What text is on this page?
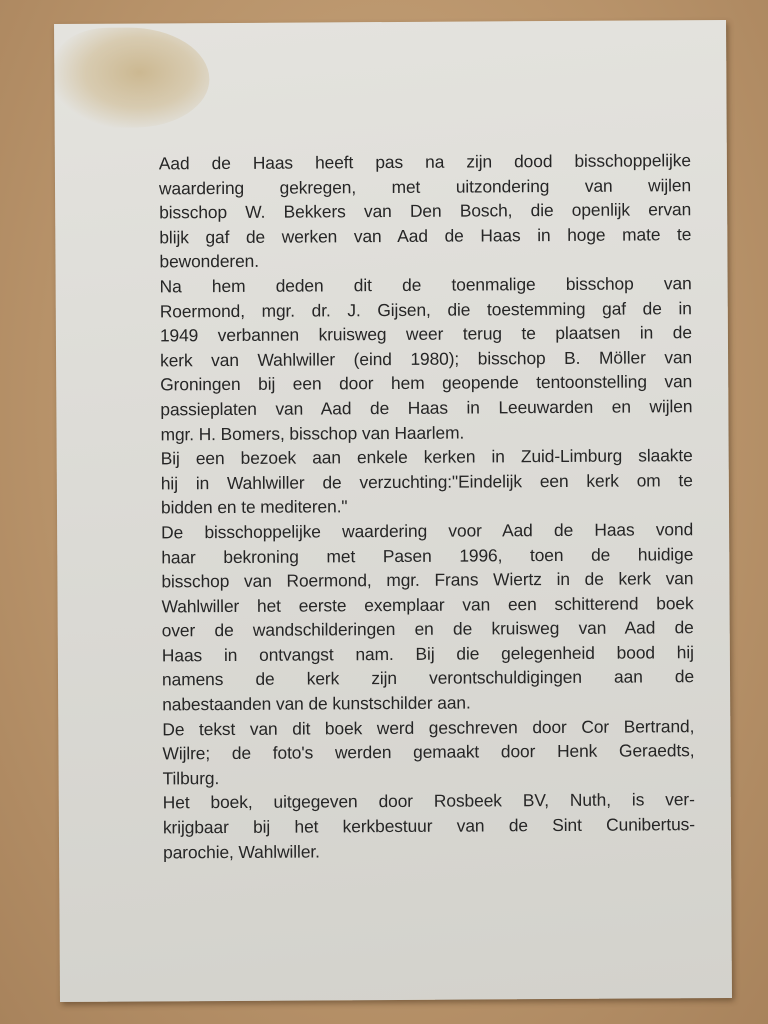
Aad de Haas heeft pas na zijn dood bisschoppelijke
waardering gekregen, met uitzondering van wijlen
bisschop W. Bekkers van Den Bosch, die openlijk ervan
blijk gaf de werken van Aad de Haas in hoge mate te
bewonderen.
Na hem deden dit de toenmalige bisschop van
Roermond, mgr. dr. J. Gijsen, die toestemming gaf de in
1949 verbannen kruisweg weer terug te plaatsen in de
kerk van Wahlwiller (eind 1980); bisschop B. Möller van
Groningen bij een door hem geopende tentoonstelling van
passieplaten van Aad de Haas in Leeuwarden en wijlen
mgr. H. Bomers, bisschop van Haarlem.
Bij een bezoek aan enkele kerken in Zuid-Limburg slaakte
hij in Wahlwiller de verzuchting:"Eindelijk een kerk om te
bidden en te mediteren."
De bisschoppelijke waardering voor Aad de Haas vond
haar bekroning met Pasen 1996, toen de huidige
bisschop van Roermond, mgr. Frans Wiertz in de kerk van
Wahlwiller het eerste exemplaar van een schitterend boek
over de wandschilderingen en de kruisweg van Aad de
Haas in ontvangst nam. Bij die gelegenheid bood hij
namens de kerk zijn verontschuldigingen aan de
nabestaanden van de kunstschilder aan.
De tekst van dit boek werd geschreven door Cor Bertrand,
Wijlre; de foto's werden gemaakt door Henk Geraedts,
Tilburg.
Het boek, uitgegeven door Rosbeek BV, Nuth, is ver-
krijgbaar bij het kerkbestuur van de Sint Cunibertus-
parochie, Wahlwiller.
